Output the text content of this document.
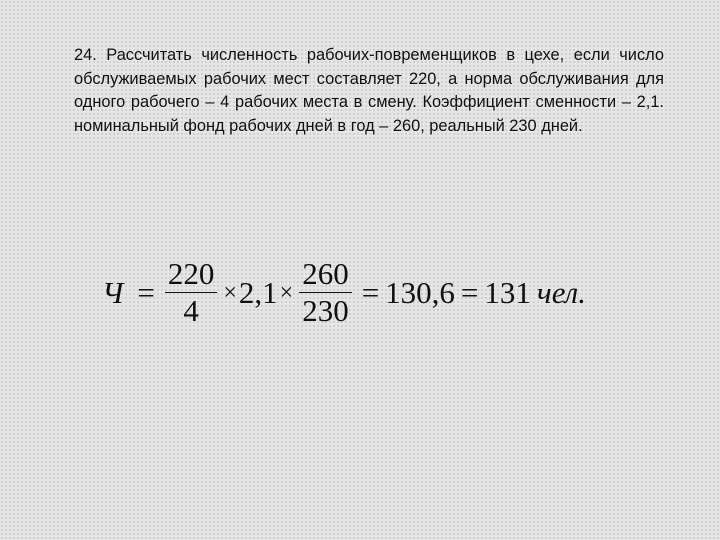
24. Рассчитать численность рабочих-повременщиков в цехе, если число обслуживаемых рабочих мест составляет 220, а норма обслуживания для одного рабочего – 4 рабочих места в смену. Коэффициент сменности – 2,1. номинальный фонд рабочих дней в год – 260, реальный 230 дней.

$Ч = \frac{220}{4} \times 2,1 \times \frac{260}{230} = 130,6 = 131$ чел.
